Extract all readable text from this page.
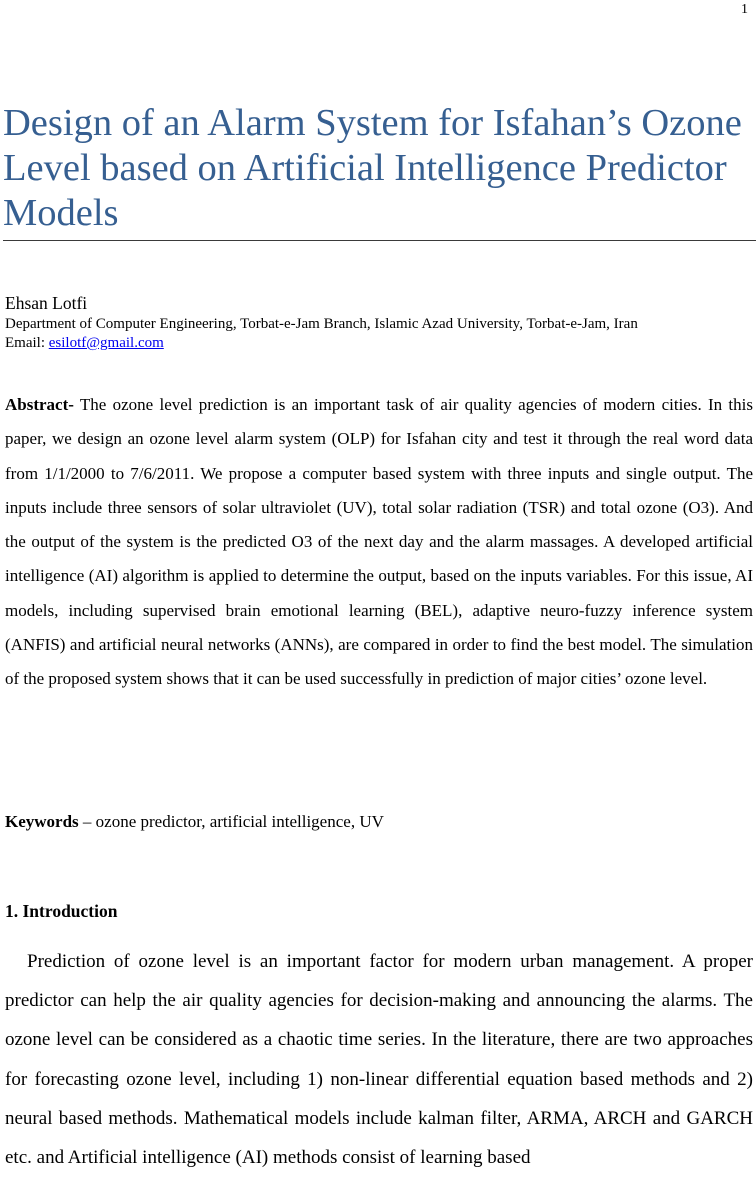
1
Design of an Alarm System for Isfahan’s Ozone Level based on Artificial Intelligence Predictor Models
Ehsan Lotfi
Department of Computer Engineering, Torbat-e-Jam Branch, Islamic Azad University, Torbat-e-Jam, Iran
Email: esilotf@gmail.com

Abstract- The ozone level prediction is an important task of air quality agencies of modern cities. In this paper, we design an ozone level alarm system (OLP) for Isfahan city and test it through the real word data from 1/1/2000 to 7/6/2011. We propose a computer based system with three inputs and single output. The inputs include three sensors of solar ultraviolet (UV), total solar radiation (TSR) and total ozone (O3). And the output of the system is the predicted O3 of the next day and the alarm massages. A developed artificial intelligence (AI) algorithm is applied to determine the output, based on the inputs variables. For this issue, AI models, including supervised brain emotional learning (BEL), adaptive neuro-fuzzy inference system (ANFIS) and artificial neural networks (ANNs), are compared in order to find the best model. The simulation of the proposed system shows that it can be used successfully in prediction of major cities’ ozone level.

Keywords – ozone predictor, artificial intelligence, UV
1. Introduction

Prediction of ozone level is an important factor for modern urban management. A proper predictor can help the air quality agencies for decision-making and announcing the alarms. The ozone level can be considered as a chaotic time series. In the literature, there are two approaches for forecasting ozone level, including 1) non-linear differential equation based methods and 2) neural based methods. Mathematical models include kalman filter, ARMA, ARCH and GARCH etc. and Artificial intelligence (AI) methods consist of learning based
